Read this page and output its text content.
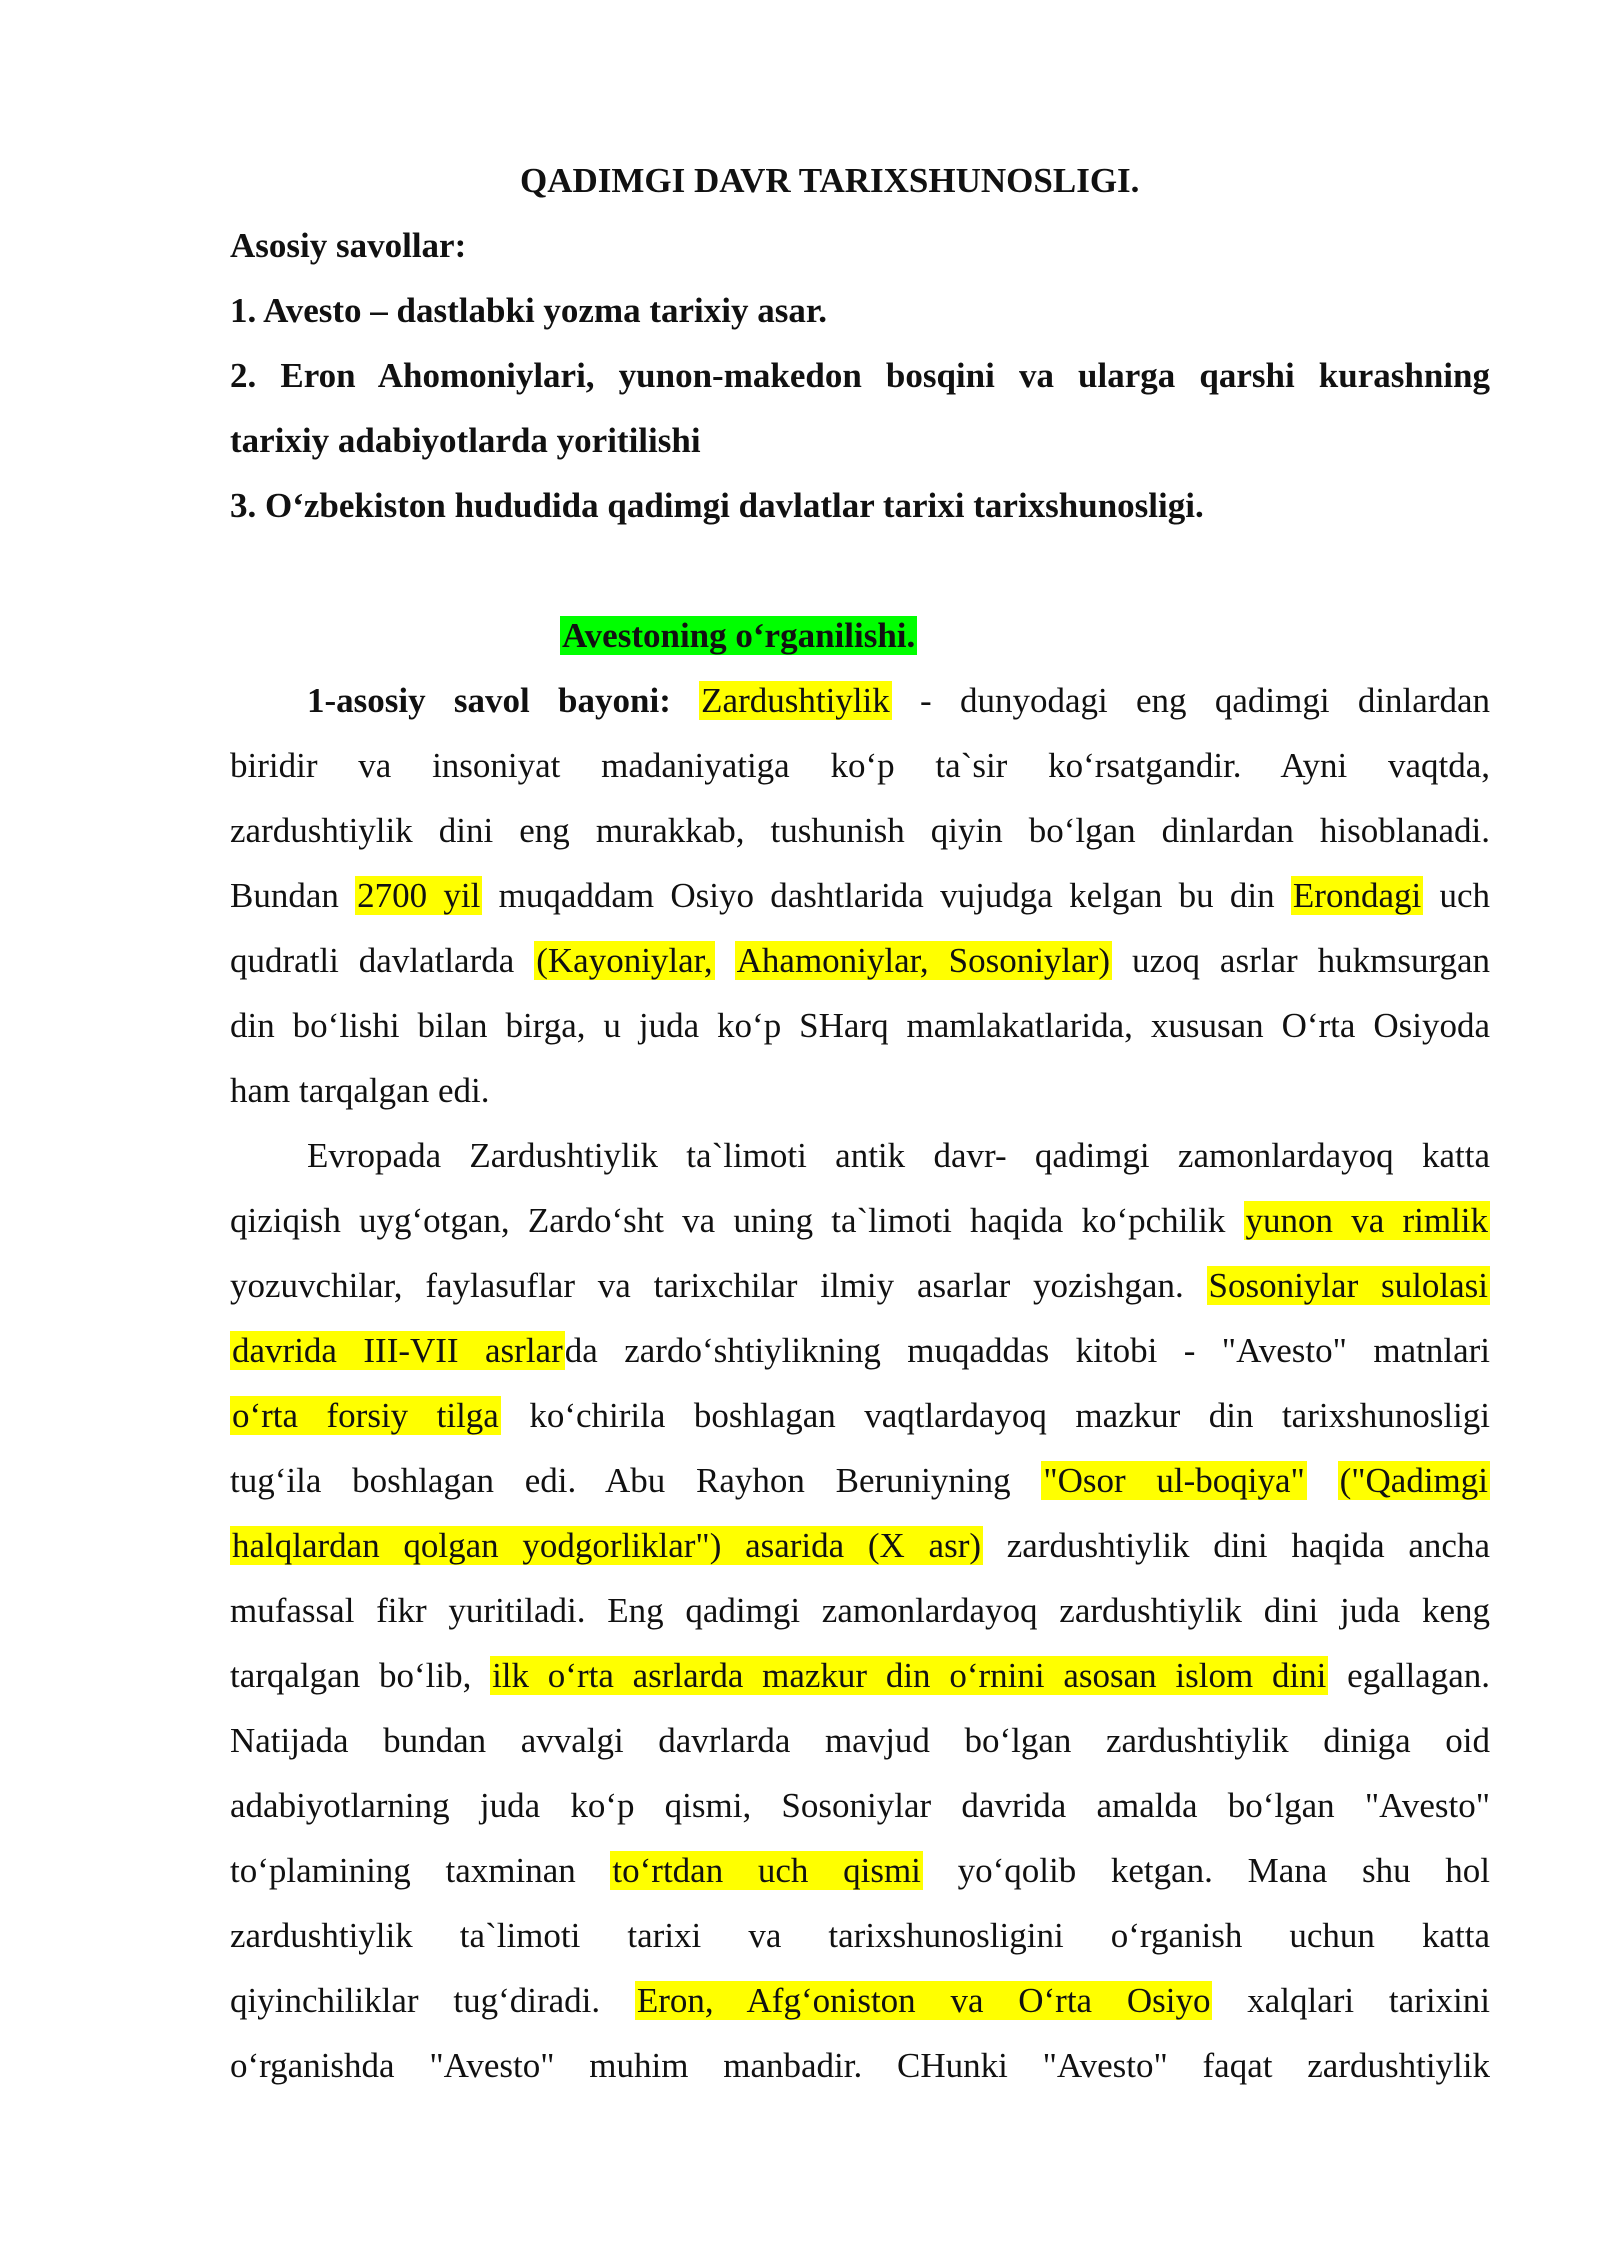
QADIMGI DAVR TARIXSHUNOSLIGI.
Asosiy savollar:
1. Avesto – dastlabki yozma tarixiy asar.
2. Eron Ahomoniylari, yunon-makedon bosqini va ularga qarshi kurashning
tarixiy adabiyotlarda yoritilishi
3. O‘zbekiston hududida qadimgi davlatlar tarixi tarixshunosligi.
Avestoning o‘rganilishi.
1-asosiy savol bayoni: Zardushtiylik - dunyodagi eng qadimgi dinlardan
biridir va insoniyat madaniyatiga ko‘p ta`sir ko‘rsatgandir. Ayni vaqtda,
zardushtiylik dini eng murakkab, tushunish qiyin bo‘lgan dinlardan hisoblanadi.
Bundan 2700 yil muqaddam Osiyo dashtlarida vujudga kelgan bu din Erondagi uch
qudratli davlatlarda (Kayoniylar, Ahamoniylar, Sosoniylar) uzoq asrlar hukmsurgan
din bo‘lishi bilan birga, u juda ko‘p SHarq mamlakatlarida, xususan O‘rta Osiyoda
ham tarqalgan edi.
Evropada Zardushtiylik ta`limoti antik davr- qadimgi zamonlardayoq katta
qiziqish uyg‘otgan, Zardo‘sht va uning ta`limoti haqida ko‘pchilik yunon va rimlik
yozuvchilar, faylasuflar va tarixchilar ilmiy asarlar yozishgan. Sosoniylar sulolasi
davrida III-VII asrlarda zardo‘shtiylikning muqaddas kitobi - "Avesto" matnlari
o‘rta forsiy tilga ko‘chirila boshlagan vaqtlardayoq mazkur din tarixshunosligi
tug‘ila boshlagan edi. Abu Rayhon Beruniyning "Osor ul-boqiya" ("Qadimgi
halqlardan qolgan yodgorliklar") asarida (X asr) zardushtiylik dini haqida ancha
mufassal fikr yuritiladi. Eng qadimgi zamonlardayoq zardushtiylik dini juda keng
tarqalgan bo‘lib, ilk o‘rta asrlarda mazkur din o‘rnini asosan islom dini egallagan.
Natijada bundan avvalgi davrlarda mavjud bo‘lgan zardushtiylik diniga oid
adabiyotlarning juda ko‘p qismi, Sosoniylar davrida amalda bo‘lgan "Avesto"
to‘plamining taxminan to‘rtdan uch qismi yo‘qolib ketgan. Mana shu hol
zardushtiylik ta`limoti tarixi va tarixshunosligini o‘rganish uchun katta
qiyinchiliklar tug‘diradi. Eron, Afg‘oniston va O‘rta Osiyo xalqlari tarixini
o‘rganishda "Avesto" muhim manbadir. CHunki "Avesto" faqat zardushtiylik
